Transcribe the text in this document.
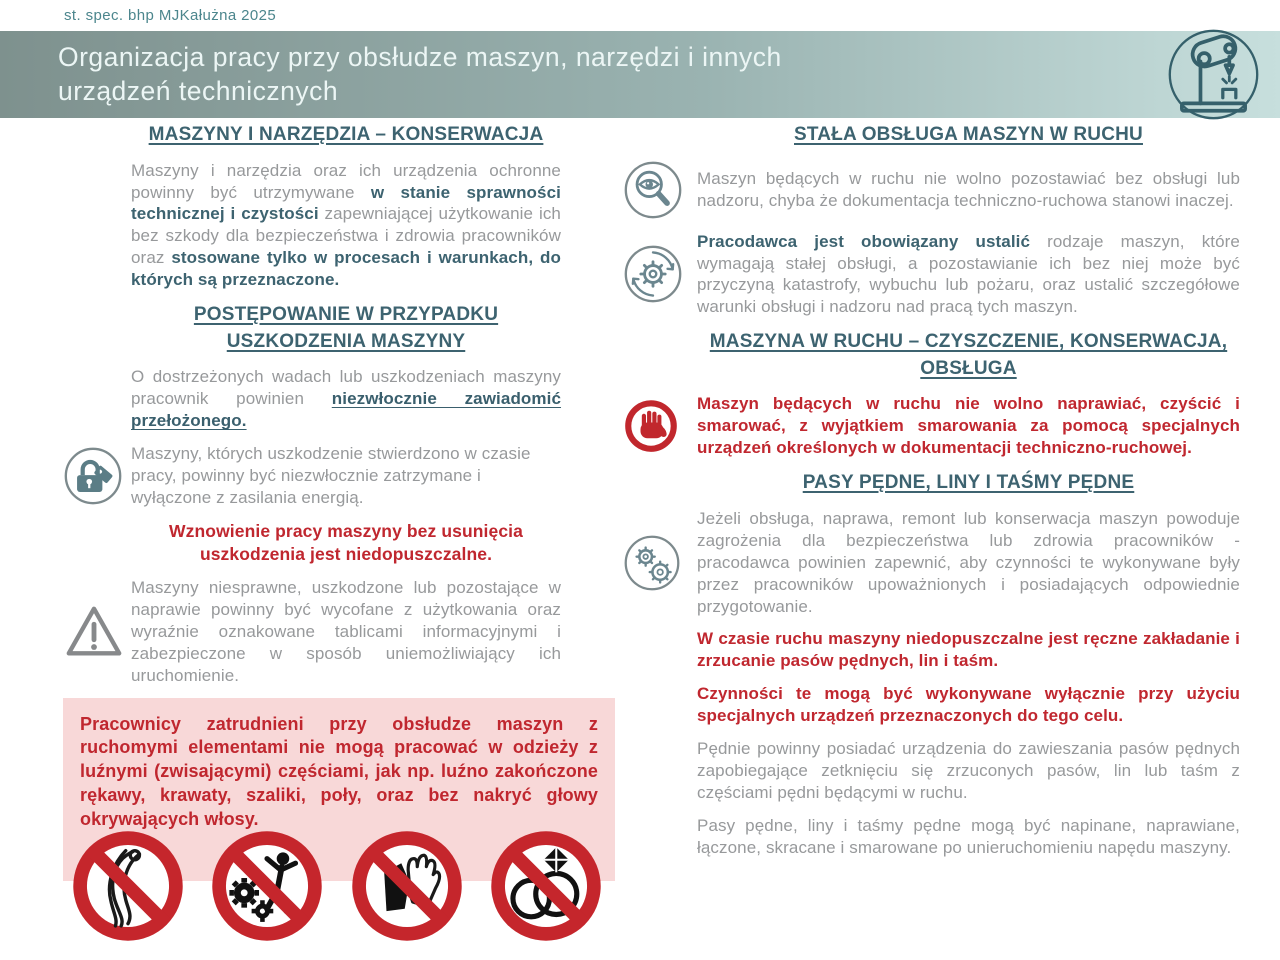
st. spec. bhp MJKałużna 2025
Organizacja pracy przy obsłudze maszyn, narzędzi i innych
urządzeń technicznych
MASZYNY I NARZĘDZIA – KONSERWACJA

Maszyny i narzędzia oraz ich urządzenia ochronne powinny być utrzymywane w stanie sprawności technicznej i czystości zapewniającej użytkowanie ich bez szkody dla bezpieczeństwa i zdrowia pracowników oraz stosowane tylko w procesach i warunkach, do których są przeznaczone.

POSTĘPOWANIE W PRZYPADKU USZKODZENIA MASZYNY

O dostrzeżonych wadach lub uszkodzeniach maszyny pracownik powinien niezwłocznie zawiadomić przełożonego.

Maszyny, których uszkodzenie stwierdzono w czasie pracy, powinny być niezwłocznie zatrzymane i wyłączone z zasilania energią.

Wznowienie pracy maszyny bez usunięcia uszkodzenia jest niedopuszczalne.

Maszyny niesprawne, uszkodzone lub pozostające w naprawie powinny być wycofane z użytkowania oraz wyraźnie oznakowane tablicami informacyjnymi i zabezpieczone w sposób uniemożliwiający ich uruchomienie.

Pracownicy zatrudnieni przy obsłudze maszyn z ruchomymi elementami nie mogą pracować w odzieży z luźnymi (zwisającymi) częściami, jak np. luźno zakończone rękawy, krawaty, szaliki, poły, oraz bez nakryć głowy okrywających włosy.

STAŁA OBSŁUGA MASZYN W RUCHU

Maszyn będących w ruchu nie wolno pozostawiać bez obsługi lub nadzoru, chyba że dokumentacja techniczno-ruchowa stanowi inaczej.

Pracodawca jest obowiązany ustalić rodzaje maszyn, które wymagają stałej obsługi, a pozostawianie ich bez niej może być przyczyną katastrofy, wybuchu lub pożaru, oraz ustalić szczegółowe warunki obsługi i nadzoru nad pracą tych maszyn.

MASZYNA W RUCHU – CZYSZCZENIE, KONSERWACJA, OBSŁUGA

Maszyn będących w ruchu nie wolno naprawiać, czyścić i smarować, z wyjątkiem smarowania za pomocą specjalnych urządzeń określonych w dokumentacji techniczno-ruchowej.

PASY PĘDNE, LINY I TAŚMY PĘDNE

Jeżeli obsługa, naprawa, remont lub konserwacja maszyn powoduje zagrożenia dla bezpieczeństwa lub zdrowia pracowników - pracodawca powinien zapewnić, aby czynności te wykonywane były przez pracowników upoważnionych i posiadających odpowiednie przygotowanie.

W czasie ruchu maszyny niedopuszczalne jest ręczne zakładanie i zrzucanie pasów pędnych, lin i taśm.

Czynności te mogą być wykonywane wyłącznie przy użyciu specjalnych urządzeń przeznaczonych do tego celu.

Pędnie powinny posiadać urządzenia do zawieszania pasów pędnych zapobiegające zetknięciu się zrzuconych pasów, lin lub taśm z częściami pędni będącymi w ruchu.

Pasy pędne, liny i taśmy pędne mogą być napinane, naprawiane, łączone, skracane i smarowane po unieruchomieniu napędu maszyny.
